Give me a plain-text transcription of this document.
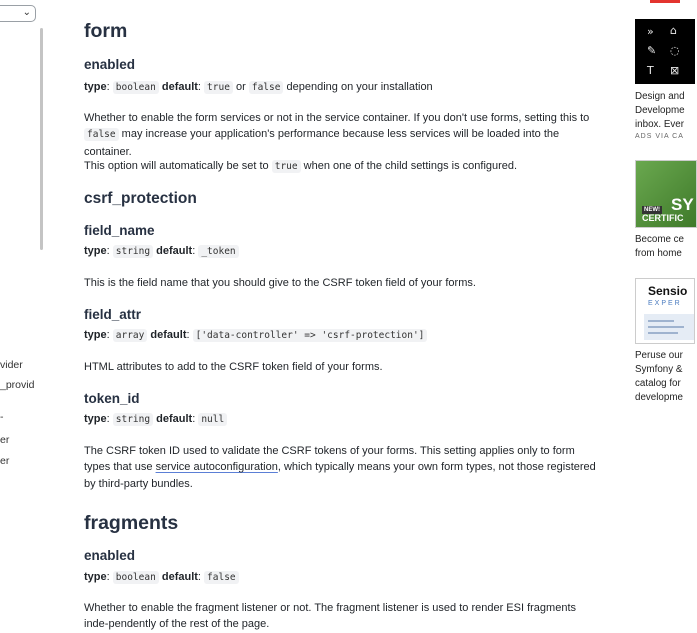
⌄
vider
_provid
-
er
er
form
enabled
type: boolean default: true or false depending on your installation

Whether to enable the form services or not in the service container. If you don't use forms, setting this to false may increase your application's performance because less services will be loaded into the container.

This option will automatically be set to true when one of the child settings is configured.

csrf_protection
field_name
type: string default: _token

This is the field name that you should give to the CSRF token field of your forms.

field_attr
type: array default: ['data-controller' => 'csrf-protection']

HTML attributes to add to the CSRF token field of your forms.

token_id
type: string default: null

The CSRF token ID used to validate the CSRF tokens of your forms. This setting applies only to form types that use service autoconfiguration, which typically means your own form types, not those registered by third-party bundles.

fragments
enabled
type: boolean default: false

Whether to enable the fragment listener or not. The fragment listener is used to render ESI fragments inde-pendently of the rest of the page.

» ⌂
✎ ◌
T ⊠
Design and
Developme
inbox. Ever
ADS VIA CA
NEW! SY
CERTIFIC
Become ce
from home
Sensio
EXPER
Peruse our
Symfony &
catalog for
developme
